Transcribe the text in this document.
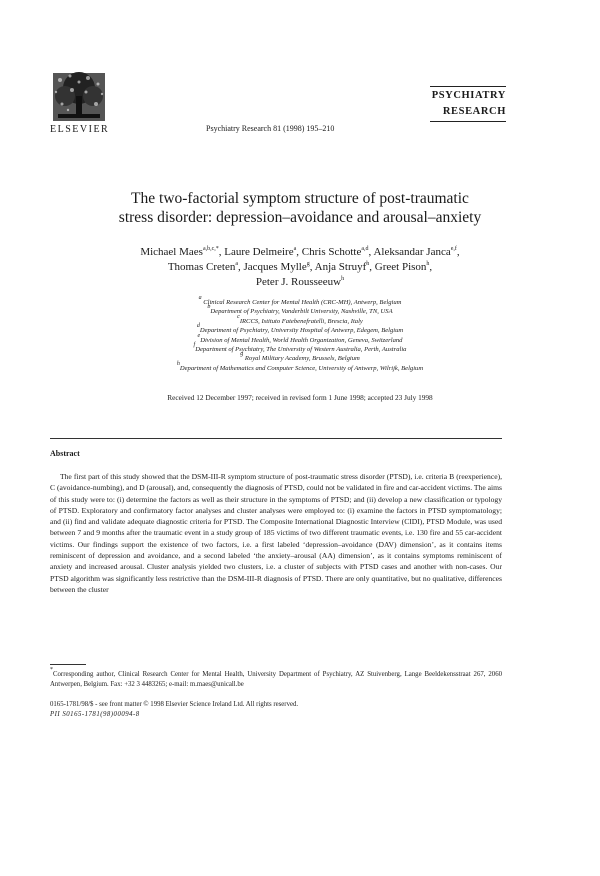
ELSEVIER	Psychiatry Research 81 (1998) 195–210
PSYCHIATRY
RESEARCH
The two-factorial symptom structure of post-traumatic
stress disorder: depression–avoidance and arousal–anxiety
Michael Maes$^{a,b,c,*}$, Laure Delmeire$^a$, Chris Schotte$^{a,d}$, Aleksandar Janca$^{e,f}$,
Thomas Creten$^a$, Jacques Mylle$^g$, Anja Struyf$^h$, Greet Pison$^h$,
Peter J. Rousseeuw$^h$
$^a$ Clinical Research Center for Mental Health (CRC-MH), Antwerp, Belgium
$^b$Department of Psychiatry, Vanderbilt University, Nashville, TN, USA
$^c$IRCCS, Istituto Fatebenefratelli, Brescia, Italy
$^d$Department of Psychiatry, University Hospital of Antwerp, Edegem, Belgium
$^e$Division of Mental Health, World Health Organization, Geneva, Switzerland
$^f$Department of Psychiatry, The University of Western Australia, Perth, Australia
$^g$ Royal Military Academy, Brussels, Belgium
$^h$Department of Mathematics and Computer Science, University of Antwerp, Wilrijk, Belgium
Received 12 December 1997; received in revised form 1 June 1998; accepted 23 July 1998
Abstract

The first part of this study showed that the DSM-III-R symptom structure of post-traumatic stress disorder (PTSD), i.e. criteria B (reexperience), C (avoidance-numbing), and D (arousal), and, consequently the diagnosis of PTSD, could not be validated in fire and car-accident victims. The aims of this study were to: (i) determine the factors as well as their structure in the symptoms of PTSD; and (ii) develop a new classification or typology of PTSD. Exploratory and confirmatory factor analyses and cluster analyses were employed to: (i) examine the factors in PTSD symptomatology; and (ii) find and validate adequate diagnostic criteria for PTSD. The Composite International Diagnostic Interview (CIDI), PTSD Module, was used between 7 and 9 months after the traumatic event in a study group of 185 victims of two different traumatic events, i.e. 130 fire and 55 car-accident victims. Our findings support the existence of two factors, i.e. a first labeled ‘depression–avoidance (DAV) dimension’, as it contains items reminiscent of depression and avoidance, and a second labeled ‘the anxiety–arousal (AA) dimension’, as it contains symptoms reminiscent of anxiety and increased arousal. Cluster analysis yielded two clusters, i.e. a cluster of subjects with PTSD cases and another with non-cases. Our PTSD algorithm was significantly less restrictive than the DSM-III-R diagnosis of PTSD. There are only quantitative, but no qualitative, differences between the cluster

*Corresponding author, Clinical Research Center for Mental Health, University Department of Psychiatry, AZ Stuivenberg, Lange Beeldekensstraat 267, 2060 Antwerpen, Belgium. Fax: +32 3 4483265; e-mail: m.maes@unicall.be
0165-1781/98/$ - see front matter © 1998 Elsevier Science Ireland Ltd. All rights reserved.
PII S0165-1781(98)00094-8
